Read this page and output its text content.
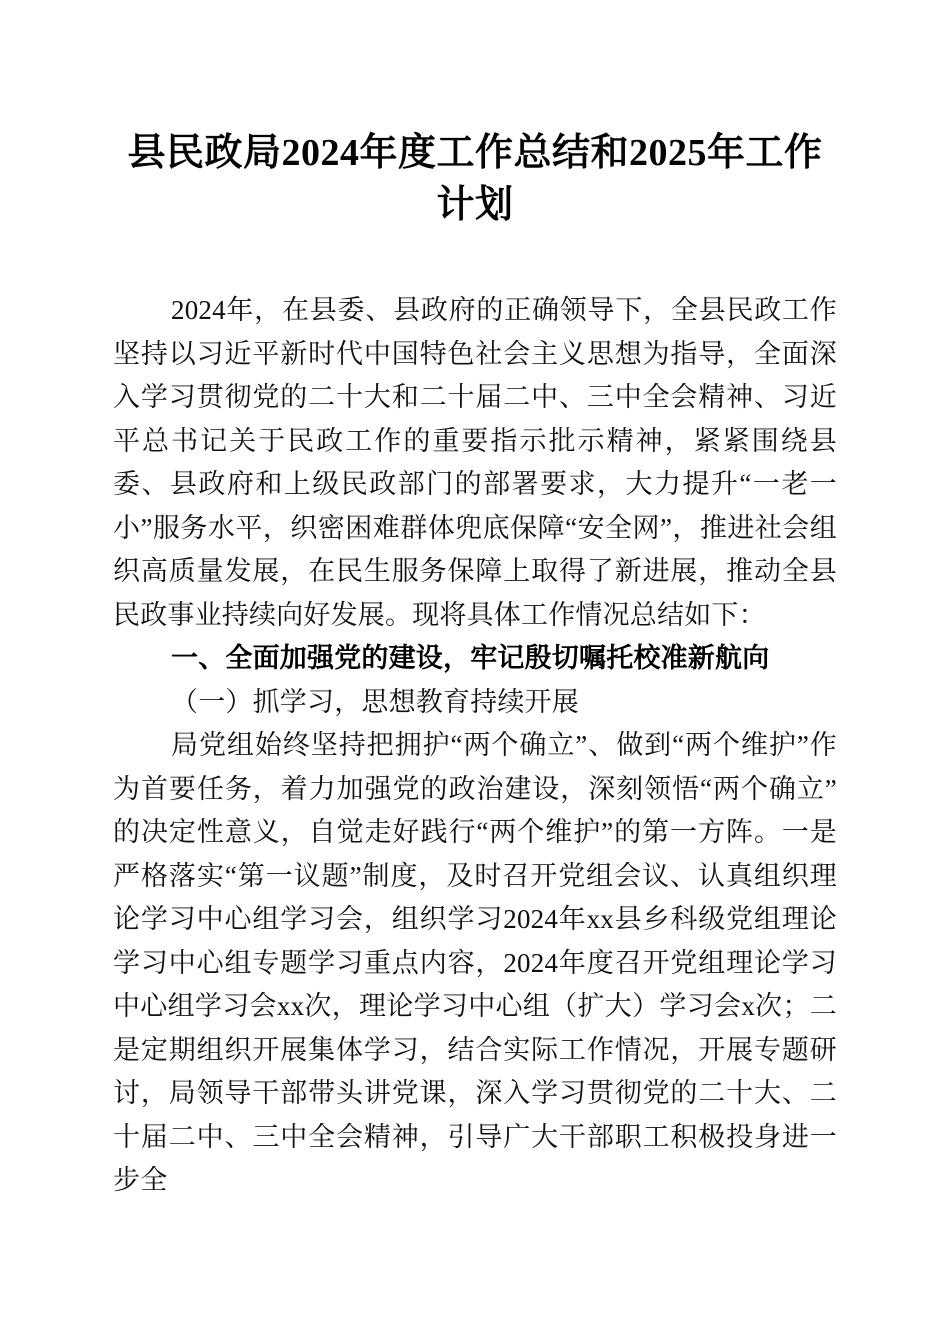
县民政局2024年度工作总结和2025年工作计划

2024年，在县委、县政府的正确领导下，全县民政工作坚持以习近平新时代中国特色社会主义思想为指导，全面深入学习贯彻党的二十大和二十届二中、三中全会精神、习近平总书记关于民政工作的重要指示批示精神，紧紧围绕县委、县政府和上级民政部门的部署要求，大力提升“一老一小”服务水平，织密困难群体兜底保障“安全网”，推进社会组织高质量发展，在民生服务保障上取得了新进展，推动全县民政事业持续向好发展。现将具体工作情况总结如下：

一、全面加强党的建设，牢记殷切嘱托校准新航向
（一）抓学习，思想教育持续开展

局党组始终坚持把拥护“两个确立”、做到“两个维护”作为首要任务，着力加强党的政治建设，深刻领悟“两个确立”的决定性意义，自觉走好践行“两个维护”的第一方阵。一是严格落实“第一议题”制度，及时召开党组会议、认真组织理论学习中心组学习会，组织学习2024年xx县乡科级党组理论学习中心组专题学习重点内容，2024年度召开党组理论学习中心组学习会xx次，理论学习中心组（扩大）学习会x次；二是定期组织开展集体学习，结合实际工作情况，开展专题研讨，局领导干部带头讲党课，深入学习贯彻党的二十大、二十届二中、三中全会精神，引导广大干部职工积极投身进一步全
